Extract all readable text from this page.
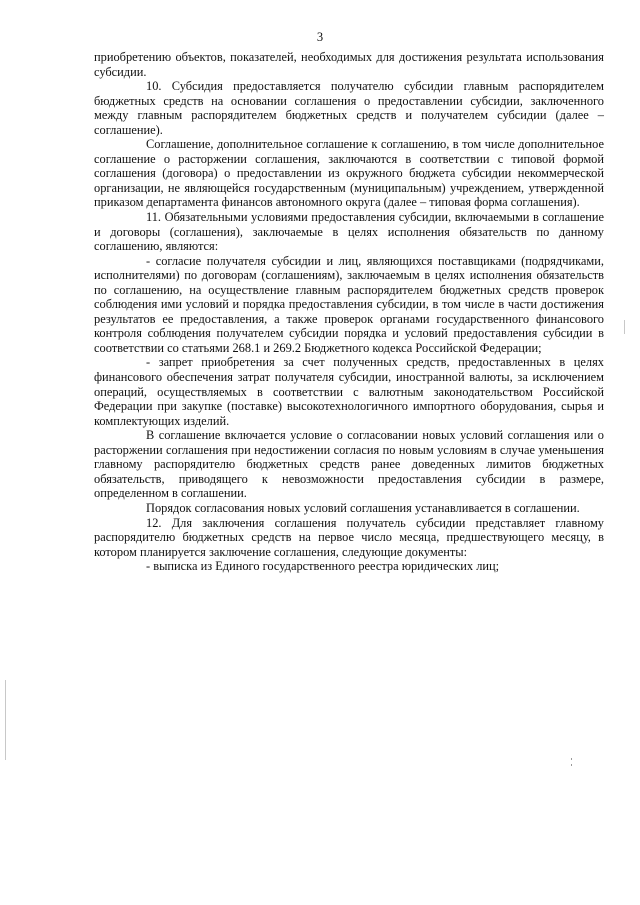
3

приобретению объектов, показателей, необходимых для достижения результата использования субсидии.

10. Субсидия предоставляется получателю субсидии главным распорядителем бюджетных средств на основании соглашения о предоставлении субсидии, заключенного между главным распорядителем бюджетных средств и получателем субсидии (далее – соглашение).

Соглашение, дополнительное соглашение к соглашению, в том числе дополнительное соглашение о расторжении соглашения, заключаются в соответствии с типовой формой соглашения (договора) о предоставлении из окружного бюджета субсидии некоммерческой организации, не являющейся государственным (муниципальным) учреждением, утвержденной приказом департамента финансов автономного округа (далее – типовая форма соглашения).

11. Обязательными условиями предоставления субсидии, включаемыми в соглашение и договоры (соглашения), заключаемые в целях исполнения обязательств по данному соглашению, являются:

- согласие получателя субсидии и лиц, являющихся поставщиками (подрядчиками, исполнителями) по договорам (соглашениям), заключаемым в целях исполнения обязательств по соглашению, на осуществление главным распорядителем бюджетных средств проверок соблюдения ими условий и порядка предоставления субсидии, в том числе в части достижения результатов ее предоставления, а также проверок органами государственного финансового контроля соблюдения получателем субсидии порядка и условий предоставления субсидии в соответствии со статьями 268.1 и 269.2 Бюджетного кодекса Российской Федерации;

- запрет приобретения за счет полученных средств, предоставленных в целях финансового обеспечения затрат получателя субсидии, иностранной валюты, за исключением операций, осуществляемых в соответствии с валютным законодательством Российской Федерации при закупке (поставке) высокотехнологичного импортного оборудования, сырья и комплектующих изделий.

В соглашение включается условие о согласовании новых условий соглашения или о расторжении соглашения при недостижении согласия по новым условиям в случае уменьшения главному распорядителю бюджетных средств ранее доведенных лимитов бюджетных обязательств, приводящего к невозможности предоставления субсидии в размере, определенном в соглашении.

Порядок согласования новых условий соглашения устанавливается в соглашении.

12. Для заключения соглашения получатель субсидии представляет главному распорядителю бюджетных средств на первое число месяца, предшествующего месяцу, в котором планируется заключение соглашения, следующие документы:

- выписка из Единого государственного реестра юридических лиц;
